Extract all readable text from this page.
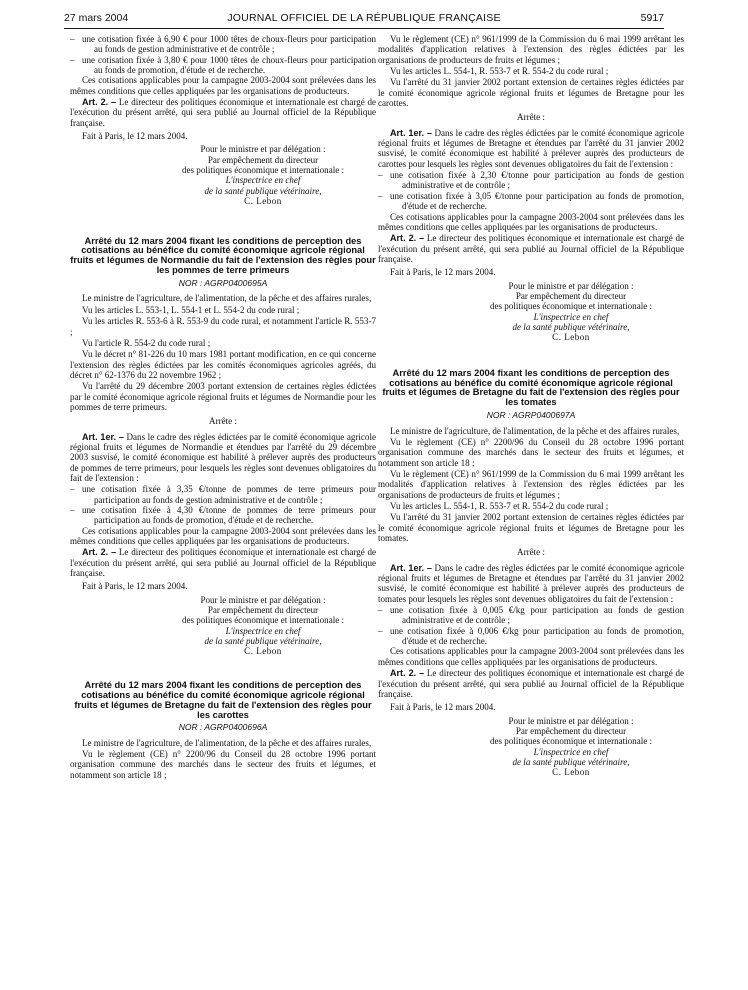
27 mars 2004	JOURNAL OFFICIEL DE LA RÉPUBLIQUE FRANÇAISE	5917

– une cotisation fixée à 6,90 € pour 1000 têtes de choux-fleurs pour participation au fonds de gestion administrative et de contrôle ;

– une cotisation fixée à 3,80 € pour 1000 têtes de choux-fleurs pour participation au fonds de promotion, d'étude et de recherche.

Ces cotisations applicables pour la campagne 2003-2004 sont prélevées dans les mêmes conditions que celles appliquées par les organisations de producteurs.

Art. 2. – Le directeur des politiques économique et internationale est chargé de l'exécution du présent arrêté, qui sera publié au Journal officiel de la République française.

Fait à Paris, le 12 mars 2004.

Pour le ministre et par délégation :

Par empêchement du directeur

des politiques économique et internationale :

L'inspectrice en chef

de la santé publique vétérinaire,

C. Lebon

Arrêté du 12 mars 2004 fixant les conditions de perception des cotisations au bénéfice du comité économique agricole régional fruits et légumes de Normandie du fait de l'extension des règles pour les pommes de terre primeurs

NOR : AGRP0400695A

Le ministre de l'agriculture, de l'alimentation, de la pêche et des affaires rurales,

Vu les articles L. 553-1, L. 554-1 et L. 554-2 du code rural ;

Vu les articles R. 553-6 à R. 553-9 du code rural, et notamment l'article R. 553-7 ;

Vu l'article R. 554-2 du code rural ;

Vu le décret n° 81-226 du 10 mars 1981 portant modification, en ce qui concerne l'extension des règles édictées par les comités économiques agricoles agréés, du décret n° 62-1376 du 22 novembre 1962 ;

Vu l'arrêté du 29 décembre 2003 portant extension de certaines règles édictées par le comité économique agricole régional fruits et légumes de Normandie pour les pommes de terre primeurs.

Arrête :

Art. 1er. – Dans le cadre des règles édictées par le comité économique agricole régional fruits et légumes de Normandie et étendues par l'arrêté du 29 décembre 2003 susvisé, le comité économique est habilité à prélever auprès des producteurs de pommes de terre primeurs, pour lesquels les règles sont devenues obligatoires du fait de l'extension :

– une cotisation fixée à 3,35 €/tonne de pommes de terre primeurs pour participation au fonds de gestion administrative et de contrôle ;

– une cotisation fixée à 4,30 €/tonne de pommes de terre primeurs pour participation au fonds de promotion, d'étude et de recherche.

Ces cotisations applicables pour la campagne 2003-2004 sont prélevées dans les mêmes conditions que celles appliquées par les organisations de producteurs.

Art. 2. – Le directeur des politiques économique et internationale est chargé de l'exécution du présent arrêté, qui sera publié au Journal officiel de la République française.

Fait à Paris, le 12 mars 2004.

Pour le ministre et par délégation :

Par empêchement du directeur

des politiques économique et internationale :

L'inspectrice en chef

de la santé publique vétérinaire,

C. Lebon

Arrêté du 12 mars 2004 fixant les conditions de perception des cotisations au bénéfice du comité économique agricole régional fruits et légumes de Bretagne du fait de l'extension des règles pour les carottes

NOR : AGRP0400696A

Le ministre de l'agriculture, de l'alimentation, de la pêche et des affaires rurales,

Vu le règlement (CE) n° 2200/96 du Conseil du 28 octobre 1996 portant organisation commune des marchés dans le secteur des fruits et légumes, et notamment son article 18 ;

Vu le règlement (CE) n° 961/1999 de la Commission du 6 mai 1999 arrêtant les modalités d'application relatives à l'extension des règles édictées par les organisations de producteurs de fruits et légumes ;

Vu les articles L. 554-1, R. 553-7 et R. 554-2 du code rural ;

Vu l'arrêté du 31 janvier 2002 portant extension de certaines règles édictées par le comité économique agricole régional fruits et légumes de Bretagne pour les carottes.

Arrête :

Art. 1er. – Dans le cadre des règles édictées par le comité économique agricole régional fruits et légumes de Bretagne et étendues par l'arrêté du 31 janvier 2002 susvisé, le comité économique est habilité à prélever auprès des producteurs de carottes pour lesquels les règles sont devenues obligatoires du fait de l'extension :

– une cotisation fixée à 2,30 €/tonne pour participation au fonds de gestion administrative et de contrôle ;

– une cotisation fixée à 3,05 €/tonne pour participation au fonds de promotion, d'étude et de recherche.

Ces cotisations applicables pour la campagne 2003-2004 sont prélevées dans les mêmes conditions que celles appliquées par les organisations de producteurs.

Art. 2. – Le directeur des politiques économique et internationale est chargé de l'exécution du présent arrêté, qui sera publié au Journal officiel de la République française.

Fait à Paris, le 12 mars 2004.

Pour le ministre et par délégation :

Par empêchement du directeur

des politiques économique et internationale :

L'inspectrice en chef

de la santé publique vétérinaire,

C. Lebon

Arrêté du 12 mars 2004 fixant les conditions de perception des cotisations au bénéfice du comité économique agricole régional fruits et légumes de Bretagne du fait de l'extension des règles pour les tomates

NOR : AGRP0400697A

Le ministre de l'agriculture, de l'alimentation, de la pêche et des affaires rurales,

Vu le règlement (CE) n° 2200/96 du Conseil du 28 octobre 1996 portant organisation commune des marchés dans le secteur des fruits et légumes, et notamment son article 18 ;

Vu le règlement (CE) n° 961/1999 de la Commission du 6 mai 1999 arrêtant les modalités d'application relatives à l'extension des règles édictées par les organisations de producteurs de fruits et légumes ;

Vu les articles L. 554-1, R. 553-7 et R. 554-2 du code rural ;

Vu l'arrêté du 31 janvier 2002 portant extension de certaines règles édictées par le comité économique agricole régional fruits et légumes de Bretagne pour les tomates.

Arrête :

Art. 1er. – Dans le cadre des règles édictées par le comité économique agricole régional fruits et légumes de Bretagne et étendues par l'arrêté du 31 janvier 2002 susvisé, le comité économique est habilité à prélever auprès des producteurs de tomates pour lesquels les règles sont devenues obligatoires du fait de l'extension :

– une cotisation fixée à 0,005 €/kg pour participation au fonds de gestion administrative et de contrôle ;

– une cotisation fixée à 0,006 €/kg pour participation au fonds de promotion, d'étude et de recherche.

Ces cotisations applicables pour la campagne 2003-2004 sont prélevées dans les mêmes conditions que celles appliquées par les organisations de producteurs.

Art. 2. – Le directeur des politiques économique et internationale est chargé de l'exécution du présent arrêté, qui sera publié au Journal officiel de la République française.

Fait à Paris, le 12 mars 2004.

Pour le ministre et par délégation :

Par empêchement du directeur

des politiques économique et internationale :

L'inspectrice en chef

de la santé publique vétérinaire,

C. Lebon
